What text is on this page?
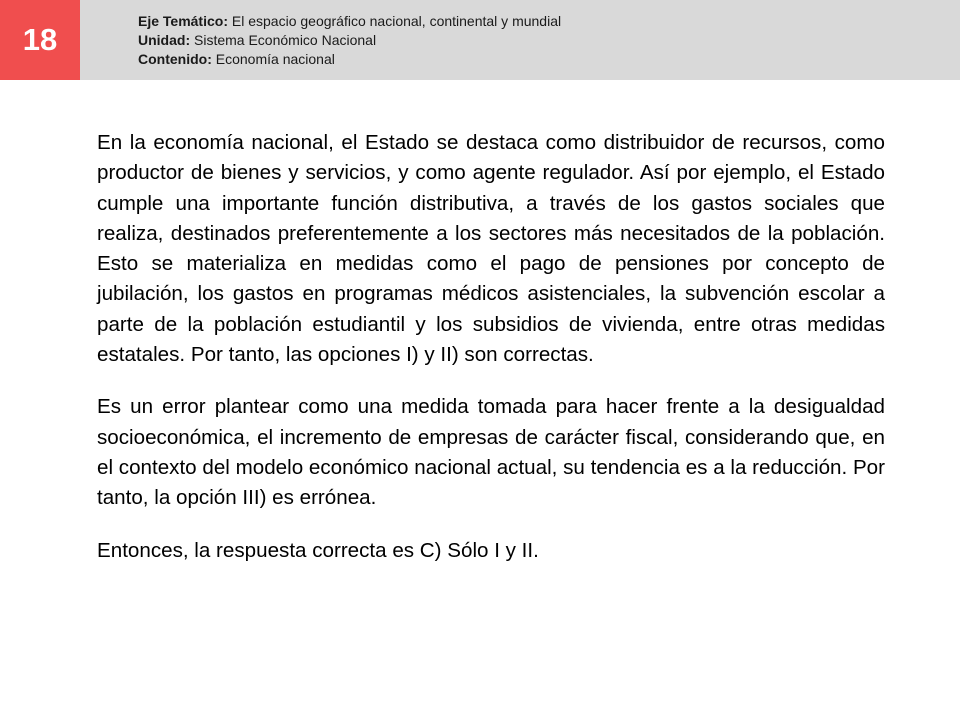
18
Eje Temático: El espacio geográfico nacional, continental y mundial
Unidad: Sistema Económico Nacional
Contenido: Economía nacional

En la economía nacional, el Estado se destaca como distribuidor de recursos, como productor de bienes y servicios, y como agente regulador. Así por ejemplo, el Estado cumple una importante función distributiva, a través de los gastos sociales que realiza, destinados preferentemente a los sectores más necesitados de la población. Esto se materializa en medidas como el pago de pensiones por concepto de jubilación, los gastos en programas médicos asistenciales, la subvención escolar a parte de la población estudiantil y los subsidios de vivienda, entre otras medidas estatales. Por tanto, las opciones I) y II) son correctas.

Es un error plantear como una medida tomada para hacer frente a la desigualdad socioeconómica, el incremento de empresas de carácter fiscal, considerando que, en el contexto del modelo económico nacional actual, su tendencia es a la reducción. Por tanto, la opción III) es errónea.

Entonces, la respuesta correcta es C) Sólo I y II.
